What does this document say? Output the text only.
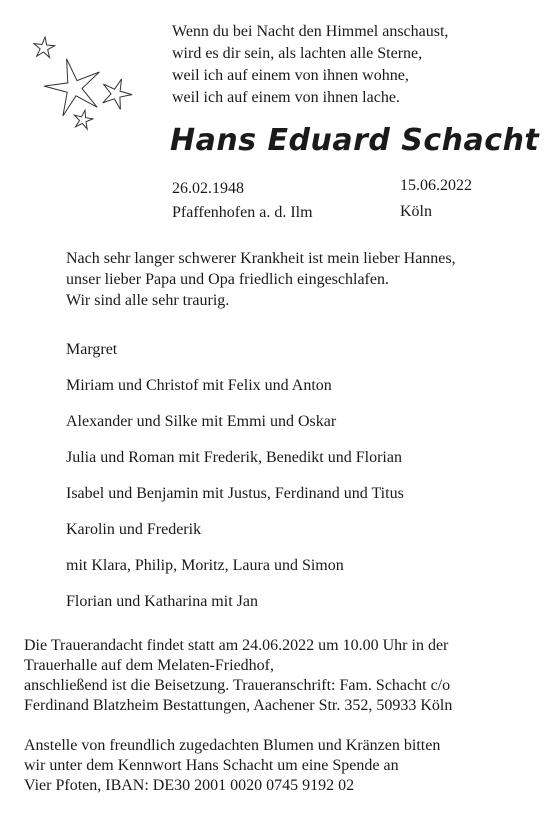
Wenn du bei Nacht den Himmel anschaust,
wird es dir sein, als lachten alle Sterne,
weil ich auf einem von ihnen wohne,
weil ich auf einem von ihnen lache.
Hans Eduard Schacht
26.02.1948
Pfaffenhofen a. d. Ilm
15.06.2022
Köln
Nach sehr langer schwerer Krankheit ist mein lieber Hannes,
unser lieber Papa und Opa friedlich eingeschlafen.
Wir sind alle sehr traurig.
Margret
Miriam und Christof mit Felix und Anton
Alexander und Silke mit Emmi und Oskar
Julia und Roman mit Frederik, Benedikt und Florian
Isabel und Benjamin mit Justus, Ferdinand und Titus
Karolin und Frederik
mit Klara, Philip, Moritz, Laura und Simon
Florian und Katharina mit Jan
Die Trauerandacht findet statt am 24.06.2022 um 10.00 Uhr in der
Trauerhalle auf dem Melaten-Friedhof,
anschließend ist die Beisetzung. Traueranschrift: Fam. Schacht c/o
Ferdinand Blatzheim Bestattungen, Aachener Str. 352, 50933 Köln
Anstelle von freundlich zugedachten Blumen und Kränzen bitten
wir unter dem Kennwort Hans Schacht um eine Spende an
Vier Pfoten, IBAN: DE30 2001 0020 0745 9192 02
